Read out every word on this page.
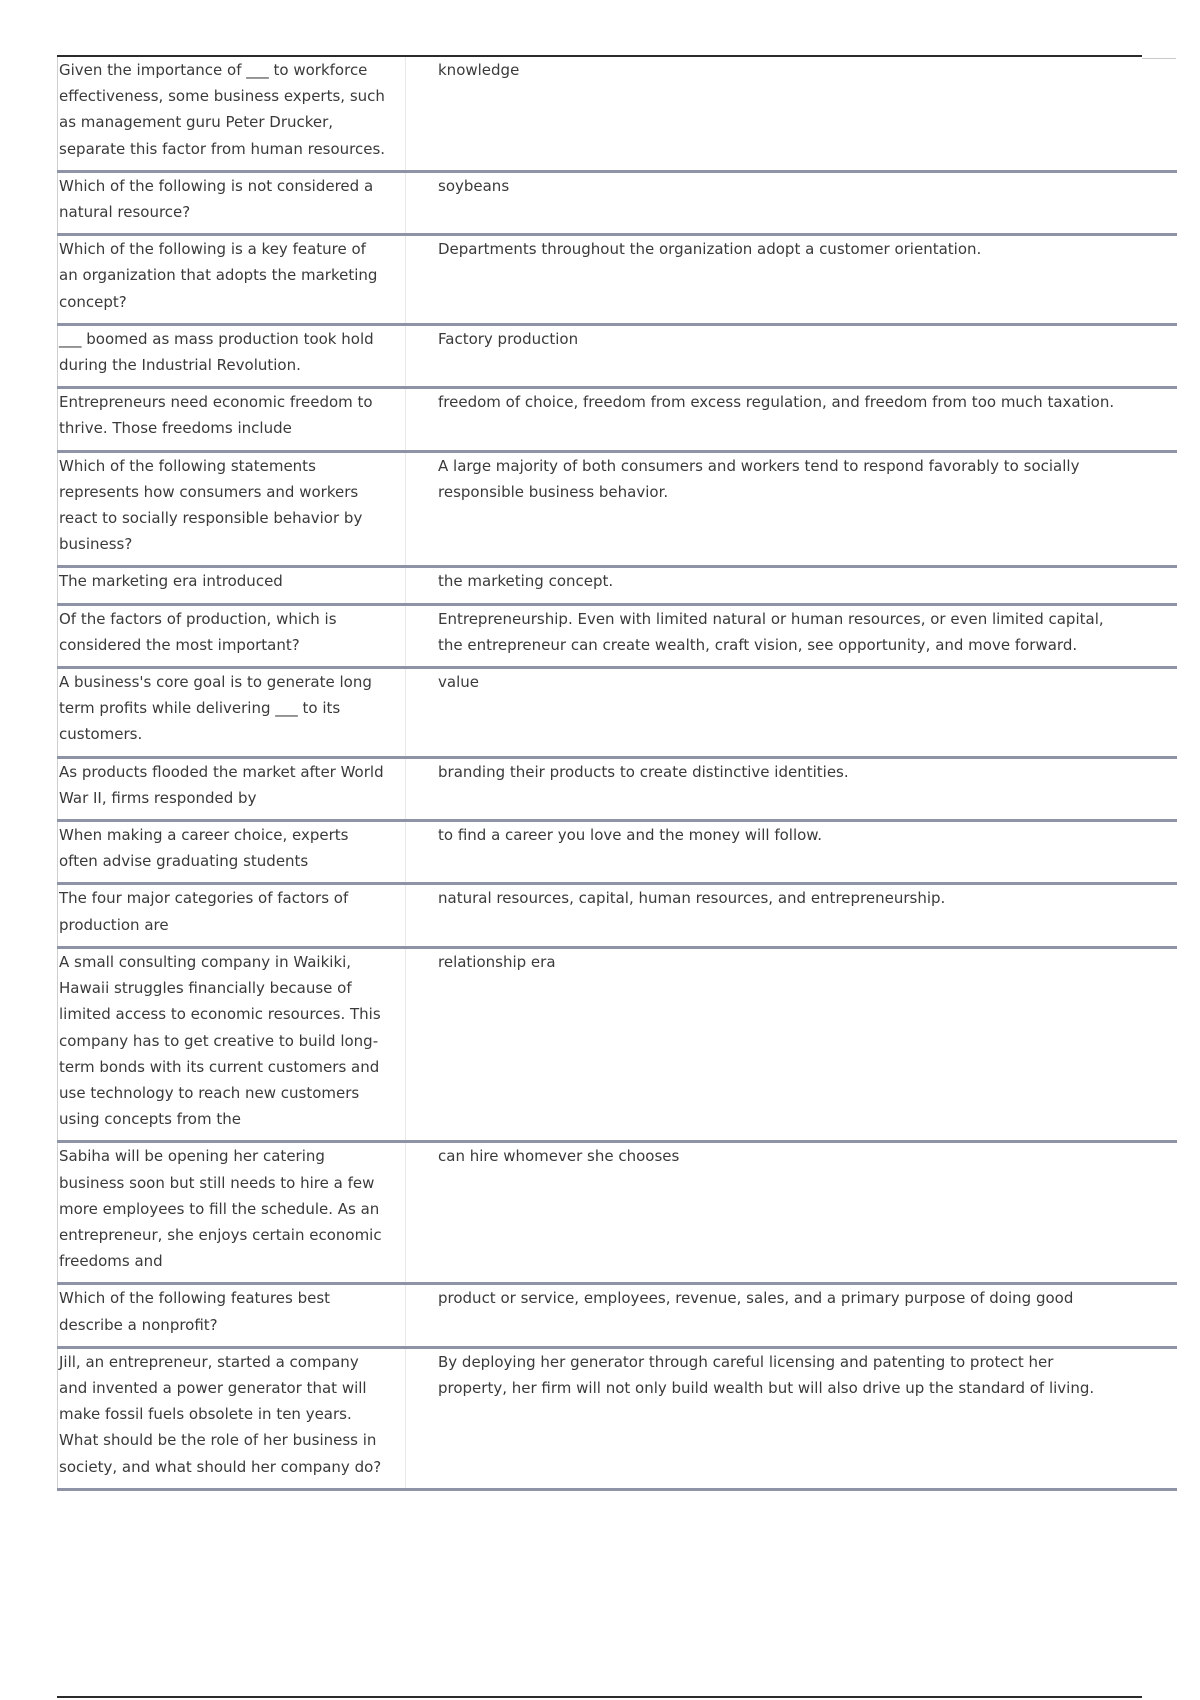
Given the importance of ___ to workforce effectiveness, some business experts, such as management guru Peter Drucker, separate this factor from human resources.	knowledge
Which of the following is not considered a natural resource?	soybeans
Which of the following is a key feature of an organization that adopts the marketing concept?	Departments throughout the organization adopt a customer orientation.
___ boomed as mass production took hold during the Industrial Revolution.	Factory production
Entrepreneurs need economic freedom to thrive. Those freedoms include	freedom of choice, freedom from excess regulation, and freedom from too much taxation.
Which of the following statements represents how consumers and workers react to socially responsible behavior by business?	A large majority of both consumers and workers tend to respond favorably to socially responsible business behavior.
The marketing era introduced	the marketing concept.
Of the factors of production, which is considered the most important?	Entrepreneurship. Even with limited natural or human resources, or even limited capital, the entrepreneur can create wealth, craft vision, see opportunity, and move forward.
A business's core goal is to generate long term profits while delivering ___ to its customers.	value
As products flooded the market after World War II, firms responded by	branding their products to create distinctive identities.
When making a career choice, experts often advise graduating students	to find a career you love and the money will follow.
The four major categories of factors of production are	natural resources, capital, human resources, and entrepreneurship.
A small consulting company in Waikiki, Hawaii struggles financially because of limited access to economic resources. This company has to get creative to build long-term bonds with its current customers and use technology to reach new customers using concepts from the	relationship era
Sabiha will be opening her catering business soon but still needs to hire a few more employees to fill the schedule. As an entrepreneur, she enjoys certain economic freedoms and	can hire whomever she chooses
Which of the following features best describe a nonprofit?	product or service, employees, revenue, sales, and a primary purpose of doing good
Jill, an entrepreneur, started a company and invented a power generator that will make fossil fuels obsolete in ten years. What should be the role of her business in society, and what should her company do?	By deploying her generator through careful licensing and patenting to protect her property, her firm will not only build wealth but will also drive up the standard of living.
